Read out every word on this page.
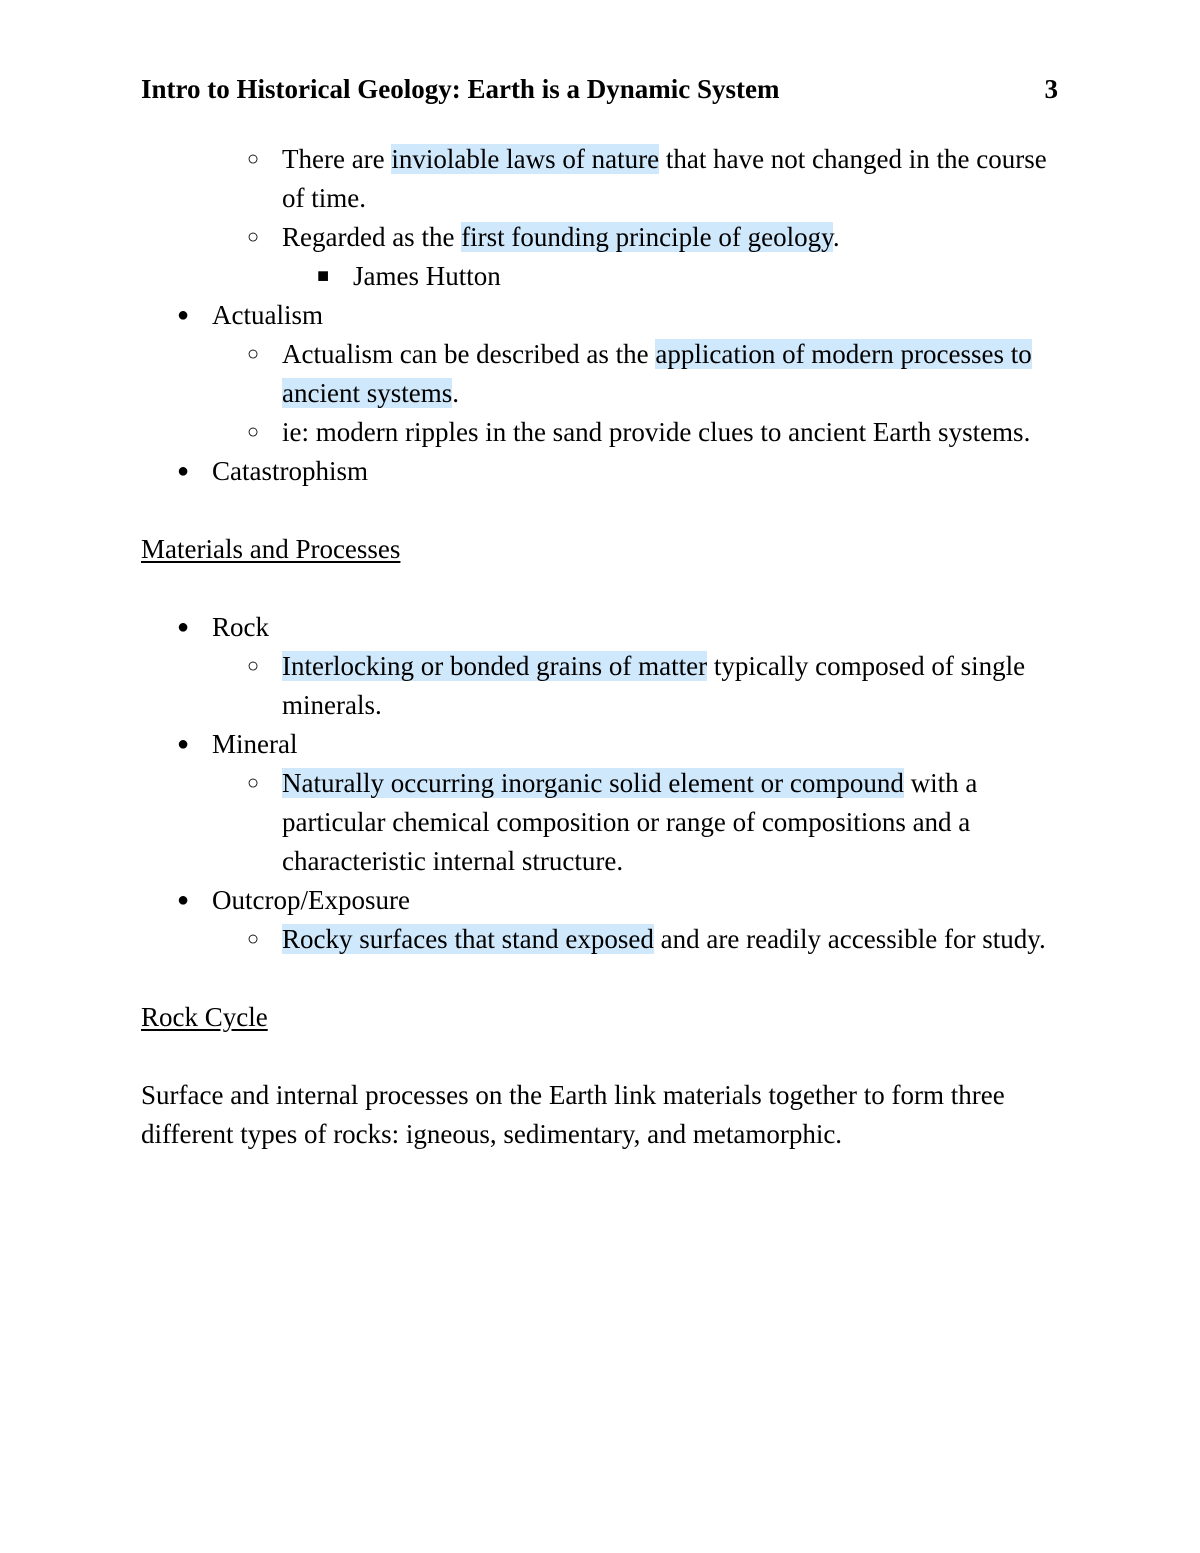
Intro to Historical Geology: Earth is a Dynamic System	3
○ There are inviolable laws of nature that have not changed in the course of time.
○ Regarded as the first founding principle of geology.
■ James Hutton
● Actualism
○ Actualism can be described as the application of modern processes to ancient systems.
○ ie: modern ripples in the sand provide clues to ancient Earth systems.
● Catastrophism
Materials and Processes
● Rock
○ Interlocking or bonded grains of matter typically composed of single minerals.
● Mineral
○ Naturally occurring inorganic solid element or compound with a particular chemical composition or range of compositions and a characteristic internal structure.
● Outcrop/Exposure
○ Rocky surfaces that stand exposed and are readily accessible for study.
Rock Cycle
Surface and internal processes on the Earth link materials together to form three different types of rocks: igneous, sedimentary, and metamorphic.
